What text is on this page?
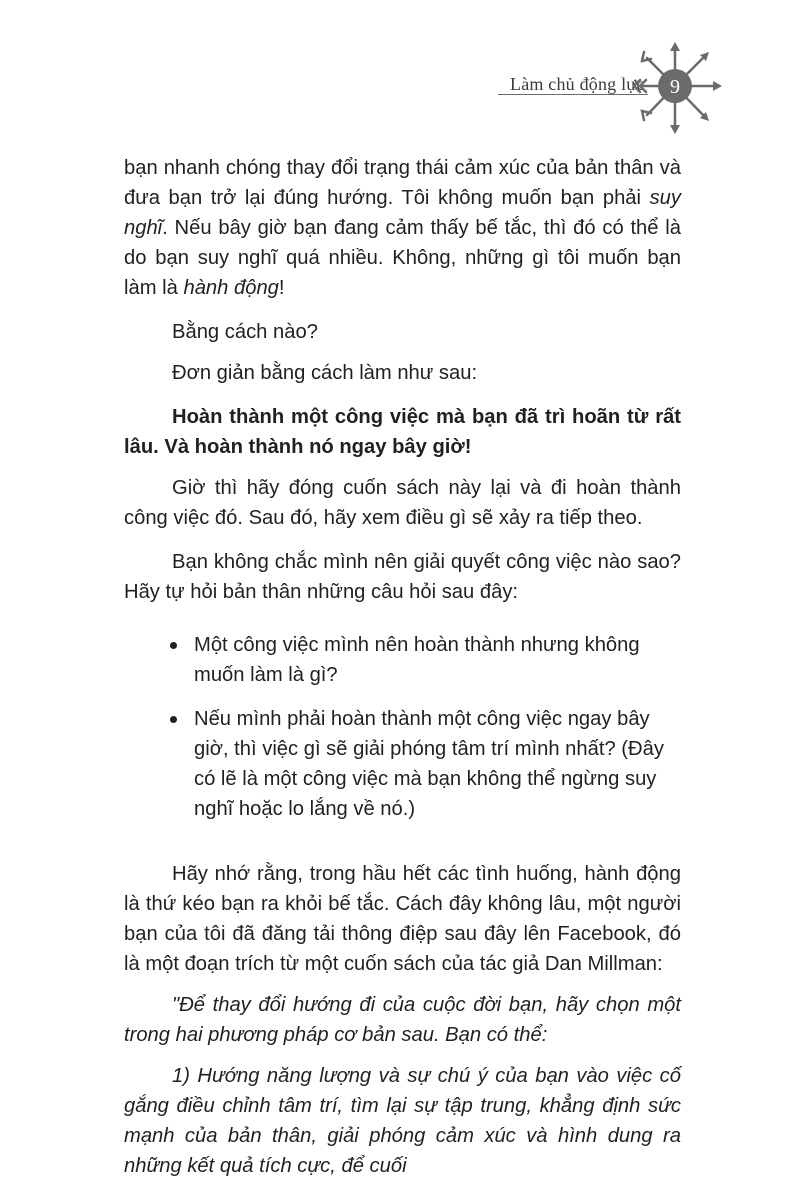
Làm chủ động lực 9

bạn nhanh chóng thay đổi trạng thái cảm xúc của bản thân và đưa bạn trở lại đúng hướng. Tôi không muốn bạn phải suy nghĩ. Nếu bây giờ bạn đang cảm thấy bế tắc, thì đó có thể là do bạn suy nghĩ quá nhiều. Không, những gì tôi muốn bạn làm là hành động!

Bằng cách nào?

Đơn giản bằng cách làm như sau:

Hoàn thành một công việc mà bạn đã trì hoãn từ rất lâu. Và hoàn thành nó ngay bây giờ!

Giờ thì hãy đóng cuốn sách này lại và đi hoàn thành công việc đó. Sau đó, hãy xem điều gì sẽ xảy ra tiếp theo.

Bạn không chắc mình nên giải quyết công việc nào sao? Hãy tự hỏi bản thân những câu hỏi sau đây:

Một công việc mình nên hoàn thành nhưng không muốn làm là gì?
Nếu mình phải hoàn thành một công việc ngay bây giờ, thì việc gì sẽ giải phóng tâm trí mình nhất? (Đây có lẽ là một công việc mà bạn không thể ngừng suy nghĩ hoặc lo lắng về nó.)

Hãy nhớ rằng, trong hầu hết các tình huống, hành động là thứ kéo bạn ra khỏi bế tắc. Cách đây không lâu, một người bạn của tôi đã đăng tải thông điệp sau đây lên Facebook, đó là một đoạn trích từ một cuốn sách của tác giả Dan Millman:

"Để thay đổi hướng đi của cuộc đời bạn, hãy chọn một trong hai phương pháp cơ bản sau. Bạn có thể:

1) Hướng năng lượng và sự chú ý của bạn vào việc cố gắng điều chỉnh tâm trí, tìm lại sự tập trung, khẳng định sức mạnh của bản thân, giải phóng cảm xúc và hình dung ra những kết quả tích cực, để cuối
